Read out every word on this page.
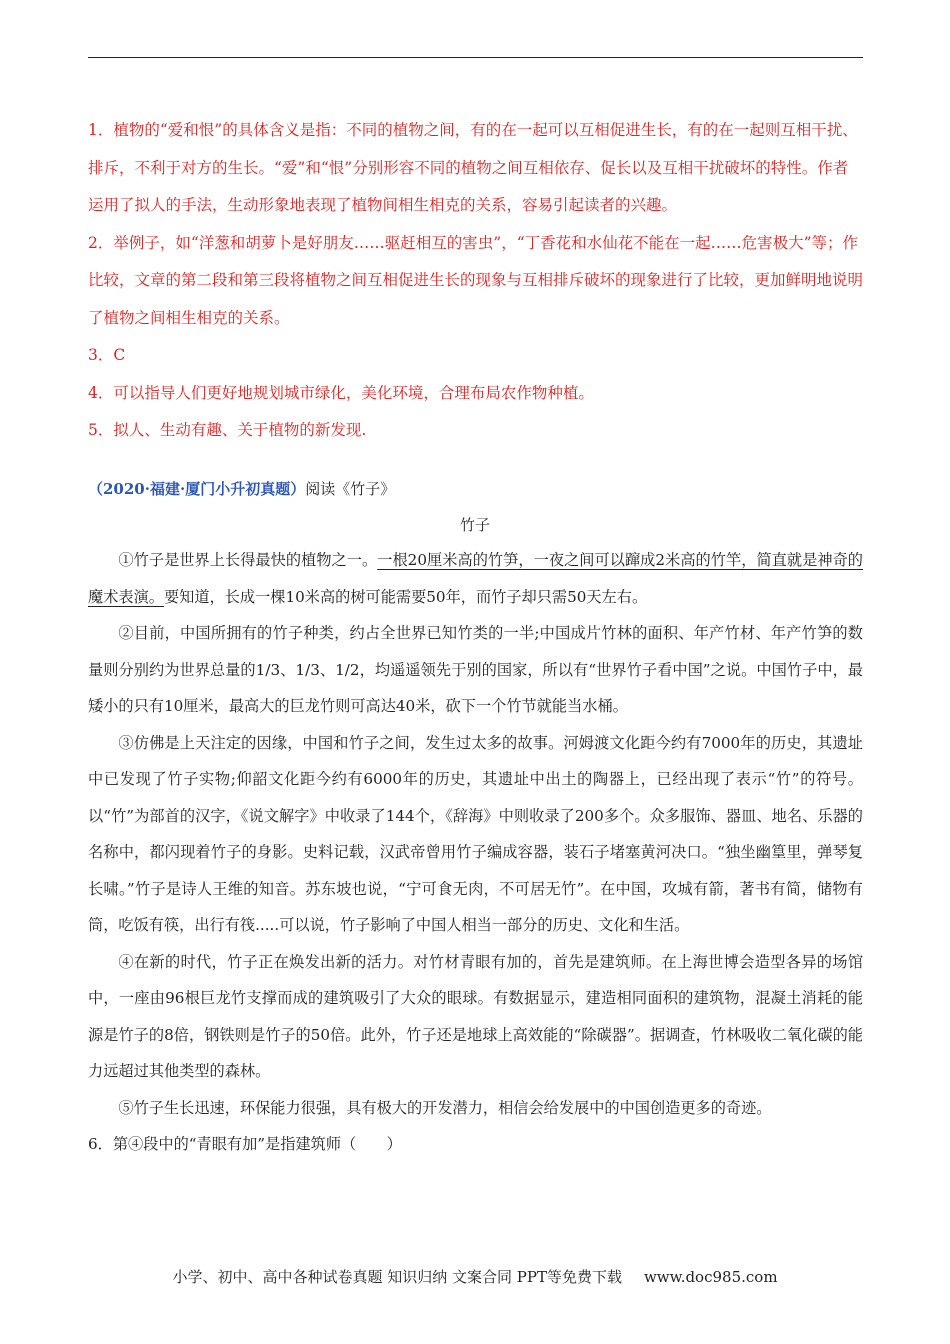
1．植物的“爱和恨”的具体含义是指：不同的植物之间，有的在一起可以互相促进生长，有的在一起则互相干扰、排斥，不利于对方的生长。“爱”和“恨”分别形容不同的植物之间互相依存、促长以及互相干扰破坏的特性。作者运用了拟人的手法，生动形象地表现了植物间相生相克的关系，容易引起读者的兴趣。

2．举例子，如“洋葱和胡萝卜是好朋友……驱赶相互的害虫”，“丁香花和水仙花不能在一起……危害极大”等；作比较，文章的第二段和第三段将植物之间互相促进生长的现象与互相排斥破坏的现象进行了比较，更加鲜明地说明了植物之间相生相克的关系。

3．C

4．可以指导人们更好地规划城市绿化，美化环境，合理布局农作物种植。

5．拟人、生动有趣、关于植物的新发现.

（2020·福建·厦门小升初真题）阅读《竹子》
竹子

①竹子是世界上长得最快的植物之一。一根20厘米高的竹笋，一夜之间可以蹿成2米高的竹竿，简直就是神奇的魔术表演。要知道，长成一棵10米高的树可能需要50年，而竹子却只需50天左右。

②目前，中国所拥有的竹子种类，约占全世界已知竹类的一半;中国成片竹林的面积、年产竹材、年产竹笋的数量则分别约为世界总量的1/3、1/3、1/2，均遥遥领先于别的国家，所以有“世界竹子看中国”之说。中国竹子中，最矮小的只有10厘米，最高大的巨龙竹则可高达40米，砍下一个竹节就能当水桶。

③仿佛是上天注定的因缘，中国和竹子之间，发生过太多的故事。河姆渡文化距今约有7000年的历史，其遗址中已发现了竹子实物;仰韶文化距今约有6000年的历史，其遗址中出土的陶器上，已经出现了表示“竹”的符号。以“竹”为部首的汉字，《说文解字》中收录了144个，《辞海》中则收录了200多个。众多服饰、器皿、地名、乐器的名称中，都闪现着竹子的身影。史料记载，汉武帝曾用竹子编成容器，装石子堵塞黄河决口。“独坐幽篁里，弹琴复长啸。”竹子是诗人王维的知音。苏东坡也说，“宁可食无肉，不可居无竹”。在中国，攻城有箭，著书有简，储物有筒，吃饭有筷，出行有筏.....可以说，竹子影响了中国人相当一部分的历史、文化和生活。

④在新的时代，竹子正在焕发出新的活力。对竹材青眼有加的，首先是建筑师。在上海世博会造型各异的场馆中，一座由96根巨龙竹支撑而成的建筑吸引了大众的眼球。有数据显示，建造相同面积的建筑物，混凝土消耗的能源是竹子的8倍，钢铁则是竹子的50倍。此外，竹子还是地球上高效能的“除碳器”。据调查，竹林吸收二氧化碳的能力远超过其他类型的森林。

⑤竹子生长迅速，环保能力很强，具有极大的开发潜力，相信会给发展中的中国创造更多的奇迹。

6．第④段中的“青眼有加”是指建筑师（　　）

小学、初中、高中各种试卷真题 知识归纳 文案合同 PPT等免费下载 www.doc985.com
